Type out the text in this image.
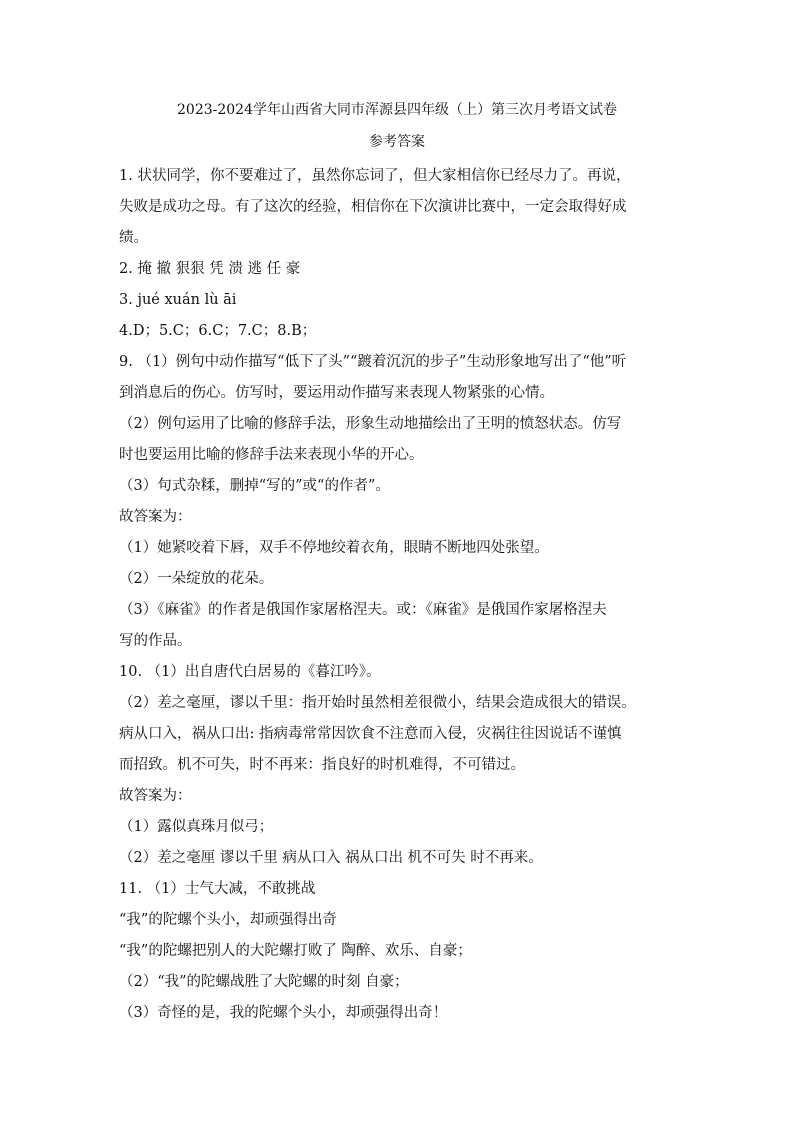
2023-2024学年山西省大同市浑源县四年级（上）第三次月考语文试卷
参考答案
1. 状状同学，你不要难过了，虽然你忘词了，但大家相信你已经尽力了。再说，
失败是成功之母。有了这次的经验，相信你在下次演讲比赛中，一定会取得好成
绩。
2. 掩 撤 狠狠 凭 溃 逃 任 豪
3. jué xuán lù āi
4.D；5.C；6.C；7.C；8.B；
9. （1）例句中动作描写“低下了头”“踱着沉沉的步子”生动形象地写出了“他”听
到消息后的伤心。仿写时，要运用动作描写来表现人物紧张的心情。
（2）例句运用了比喻的修辞手法，形象生动地描绘出了王明的愤怒状态。仿写
时也要运用比喻的修辞手法来表现小华的开心。
（3）句式杂糅，删掉“写的”或“的作者”。
故答案为：
（1）她紧咬着下唇，双手不停地绞着衣角，眼睛不断地四处张望。
（2）一朵绽放的花朵。
（3）《麻雀》的作者是俄国作家屠格涅夫。或：《麻雀》是俄国作家屠格涅夫
写的作品。
10. （1）出自唐代白居易的《暮江吟》。
（2）差之毫厘，谬以千里：指开始时虽然相差很微小，结果会造成很大的错误。
病从口入，祸从口出: 指病毒常常因饮食不注意而入侵，灾祸往往因说话不谨慎
而招致。机不可失，时不再来：指良好的时机难得，不可错过。
故答案为：
（1）露似真珠月似弓；
（2）差之毫厘 谬以千里 病从口入 祸从口出 机不可失 时不再来。
11. （1）士气大减，不敢挑战
“我”的陀螺个头小，却顽强得出奇
“我”的陀螺把别人的大陀螺打败了 陶醉、欢乐、自豪；
（2）“我”的陀螺战胜了大陀螺的时刻 自豪；
（3）奇怪的是，我的陀螺个头小，却顽强得出奇！
